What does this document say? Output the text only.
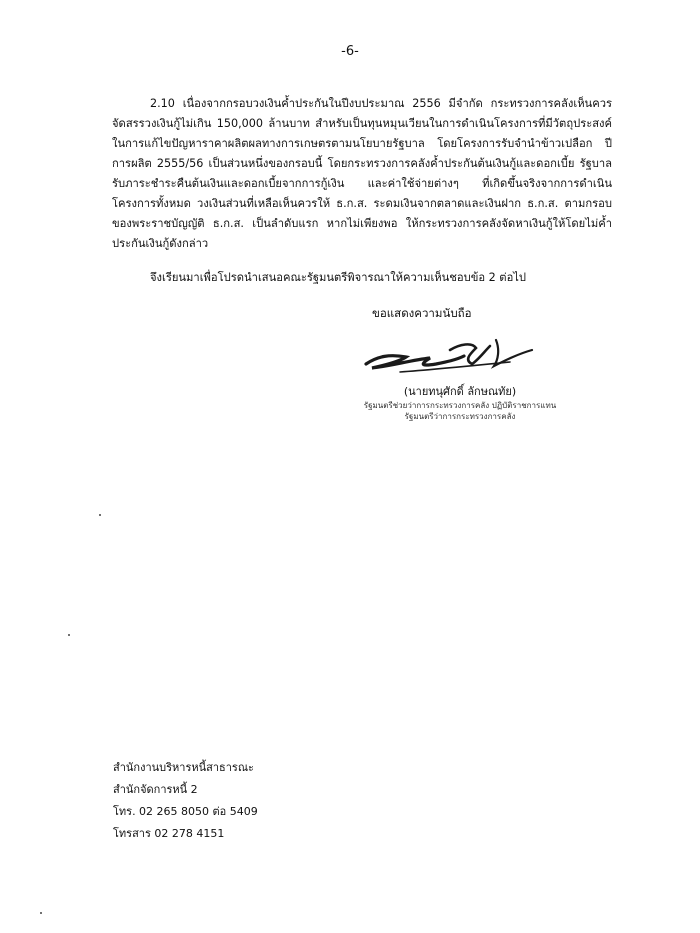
-6-

2.10 เนื่องจากกรอบวงเงินค้ำประกันในปีงบประมาณ 2556 มีจำกัด กระทรวงการคลังเห็นควรจัดสรรวงเงินกู้ไม่เกิน 150,000 ล้านบาท สำหรับเป็นทุนหมุนเวียนในการดำเนินโครงการที่มีวัตถุประสงค์ในการแก้ไขปัญหาราคาผลิตผลทางการเกษตรตามนโยบายรัฐบาล โดยโครงการรับจำนำข้าวเปลือก ปีการผลิต 2555/56 เป็นส่วนหนึ่งของกรอบนี้ โดยกระทรวงการคลังค้ำประกันต้นเงินกู้และดอกเบี้ย รัฐบาลรับภาระชำระคืนต้นเงินและดอกเบี้ยจากการกู้เงิน และค่าใช้จ่ายต่างๆ ที่เกิดขึ้นจริงจากการดำเนินโครงการทั้งหมด วงเงินส่วนที่เหลือเห็นควรให้ ธ.ก.ส. ระดมเงินจากตลาดและเงินฝาก ธ.ก.ส. ตามกรอบของพระราชบัญญัติ ธ.ก.ส. เป็นลำดับแรก หากไม่เพียงพอ ให้กระทรวงการคลังจัดหาเงินกู้ให้โดยไม่ค้ำประกันเงินกู้ดังกล่าว

จึงเรียนมาเพื่อโปรดนำเสนอคณะรัฐมนตรีพิจารณาให้ความเห็นชอบข้อ 2 ต่อไป

ขอแสดงความนับถือ
(นายทนุศักดิ์ ลักษณทัย)
รัฐมนตรีช่วยว่าการกระทรวงการคลัง ปฏิบัติราชการแทน
รัฐมนตรีว่าการกระทรวงการคลัง
สำนักงานบริหารหนี้สาธารณะ
สำนักจัดการหนี้ 2
โทร. 02 265 8050 ต่อ 5409
โทรสาร 02 278 4151
